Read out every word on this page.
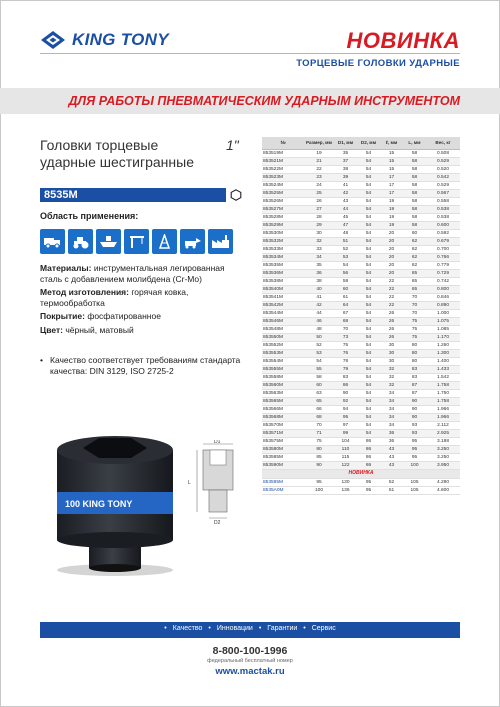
KING TONY	НОВИНКА
ТОРЦЕВЫЕ ГОЛОВКИ УДАРНЫЕ
ДЛЯ РАБОТЫ ПНЕВМАТИЧЕСКИМ УДАРНЫМ ИНСТРУМЕНТОМ
Головки торцевые
ударные шестигранные
1"
8535M
Область применения:

Материалы: инструментальная легированная сталь с добавлением молибдена (Cr-Mo)

Метод изготовления: горячая ковка, термообработка

Покрытие: фосфатированное

Цвет: чёрный, матовый

• Качество соответствует требованиям стандарта качества: DIN 3129, ISO 2725-2
100 KING TONY
D1
L
D2
№	Размер, мм	D1, мм	D2, мм	ℓ, мм	L, мм	Вес, кг
853519M	19	35	54	15	58	0.508
853521M	21	37	54	15	58	0.529
853522M	22	38	54	15	58	0.520
853523M	23	39	54	17	58	0.542
853524M	24	41	54	17	58	0.529
853525M	25	42	54	17	58	0.567
853526M	26	43	54	19	58	0.558
853527M	27	44	54	19	58	0.538
853528M	28	45	54	19	58	0.538
853529M	29	47	54	19	58	0.600
853530M	30	48	54	20	60	0.592
853532M	32	51	54	20	62	0.679
853533M	33	52	54	20	62	0.700
853534M	34	53	54	20	62	0.766
853535M	35	54	54	20	62	0.779
853536M	36	56	54	20	65	0.729
853538M	38	58	54	22	65	0.742
853540M	40	60	54	22	65	0.800
853541M	41	61	54	22	70	0.846
853542M	42	64	54	22	70	0.890
853544M	44	67	54	26	70	1.000
853546M	46	68	54	26	75	1.075
853548M	48	70	54	26	75	1.085
853550M	50	73	54	26	75	1.170
853552M	52	75	54	30	80	1.260
853553M	53	76	54	30	80	1.300
853554M	54	78	54	30	80	1.400
853555M	55	79	54	32	83	1.433
853558M	58	83	54	32	83	1.542
853560M	60	86	54	32	87	1.758
853563M	63	90	54	34	87	1.750
853565M	65	92	54	34	90	1.758
853566M	66	94	54	34	90	1.966
853568M	68	95	54	34	90	1.966
853570M	70	97	54	34	93	2.112
853571M	71	99	54	36	93	2.925
853575M	75	104	86	36	95	3.188
853580M	80	110	86	43	95	3.250
853585M	85	115	86	43	95	3.250
853590M	90	122	86	43	100	3.950
НОВИНКА						
853595M	95	130	95	52	105	4.290
8535A0M	100	136	95	51	105	4.600
• Качество • Инновации • Гарантии • Сервис
8-800-100-1996
федеральный бесплатный номер
www.mactak.ru
